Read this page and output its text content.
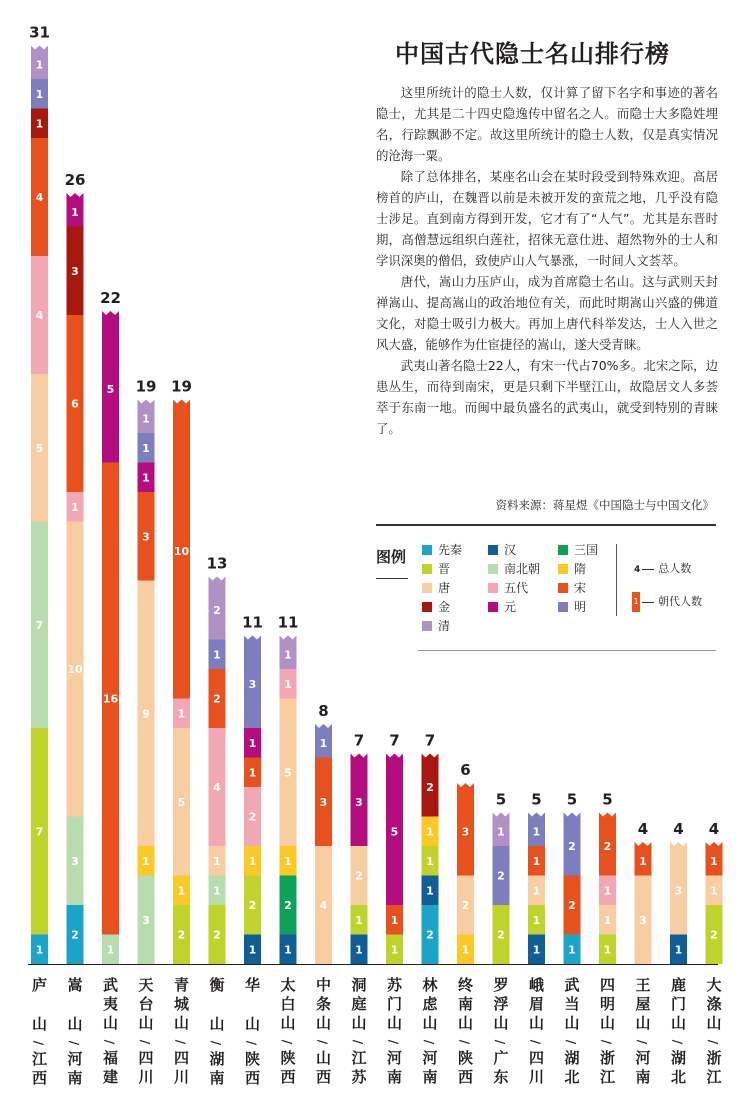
1
7
7
5
4
4
1
1
1
31
庐
山
/
江
西
2
3
10
1
6
3
1
26
嵩
山
/
河
南
1
16
5
22
武
夷
山
/
福
建
3
1
9
3
1
1
1
19
天
台
山
/
四
川
2
1
5
1
10
19
青
城
山
/
四
川
2
1
1
4
2
1
2
13
衡
山
/
湖
南
1
2
1
2
1
1
3
11
华
山
/
陕
西
1
2
1
5
1
1
11
太
白
山
/
陕
西
4
3
1
8
中
条
山
/
山
西
1
1
2
3
7
洞
庭
山
/
江
苏
1
1
5
7
苏
门
山
/
河
南
2
1
1
1
2
7
林
虑
山
/
河
南
1
2
3
6
终
南
山
/
陕
西
2
2
1
5
罗
浮
山
/
广
东
1
1
1
1
1
5
峨
眉
山
/
四
川
1
2
2
5
武
当
山
/
湖
北
1
1
1
2
5
四
明
山
/
浙
江
3
1
4
王
屋
山
/
河
南
1
3
4
鹿
门
山
/
湖
北
2
1
1
4
大
涤
山
/
浙
江
中国古代隐士名山排行榜

这里所统计的隐士人数，仅计算了留下名字和事迹的著名隐士，尤其是二十四史隐逸传中留名之人。而隐士大多隐姓埋名，行踪飘渺不定。故这里所统计的隐士人数，仅是真实情况的沧海一粟。

除了总体排名，某座名山会在某时段受到特殊欢迎。高居榜首的庐山，在魏晋以前是未被开发的蛮荒之地，几乎没有隐士涉足。直到南方得到开发，它才有了“人气”。尤其是东晋时期，高僧慧远组织白莲社，招徕无意仕进、超然物外的士人和学识深奥的僧侣，致使庐山人气暴涨，一时间人文荟萃。

唐代，嵩山力压庐山，成为首席隐士名山。这与武则天封禅嵩山、提高嵩山的政治地位有关，而此时期嵩山兴盛的佛道文化，对隐士吸引力极大。再加上唐代科举发达，士人入世之风大盛，能够作为仕宦捷径的嵩山，遂大受青睐。

武夷山著名隐士22人，有宋一代占70%多。北宋之际，边患丛生，而待到南宋，更是只剩下半壁江山，故隐居文人多荟萃于东南一地。而闽中最负盛名的武夷山，就受到特别的青睐了。

资料来源：蒋星煜《中国隐士与中国文化》
图例	先秦	汉	三国
晋	南北朝	隋
唐	五代	宋
金	元	明
清
4 总人数
1 朝代人数
